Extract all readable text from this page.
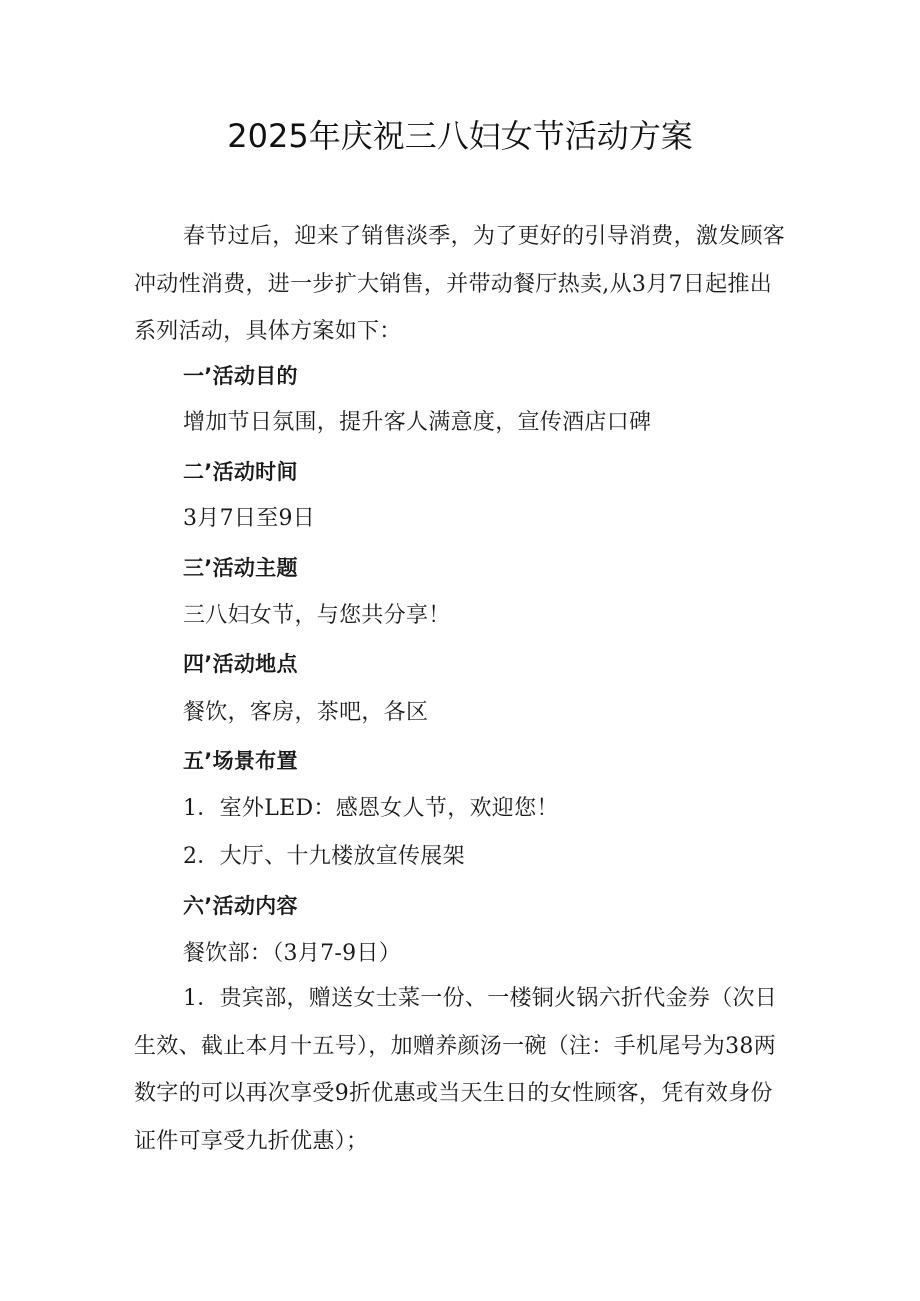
2025年庆祝三八妇女节活动方案
春节过后，迎来了销售淡季，为了更好的引导消费，激发顾客冲动性消费，进一步扩大销售，并带动餐厅热卖,从3月7日起推出系列活动，具体方案如下：
一’活动目的
增加节日氛围，提升客人满意度，宣传酒店口碑
二’活动时间
3月7日至9日
三’活动主题
三八妇女节，与您共分享！
四’活动地点
餐饮，客房，茶吧，各区
五’场景布置
1．室外LED：感恩女人节，欢迎您！
2．大厅、十九楼放宣传展架
六’活动内容
餐饮部：（3月7-9日）
1．贵宾部，赠送女士菜一份、一楼铜火锅六折代金券（次日生效、截止本月十五号），加赠养颜汤一碗（注：手机尾号为38两数字的可以再次享受9折优惠或当天生日的女性顾客，凭有效身份证件可享受九折优惠）；
